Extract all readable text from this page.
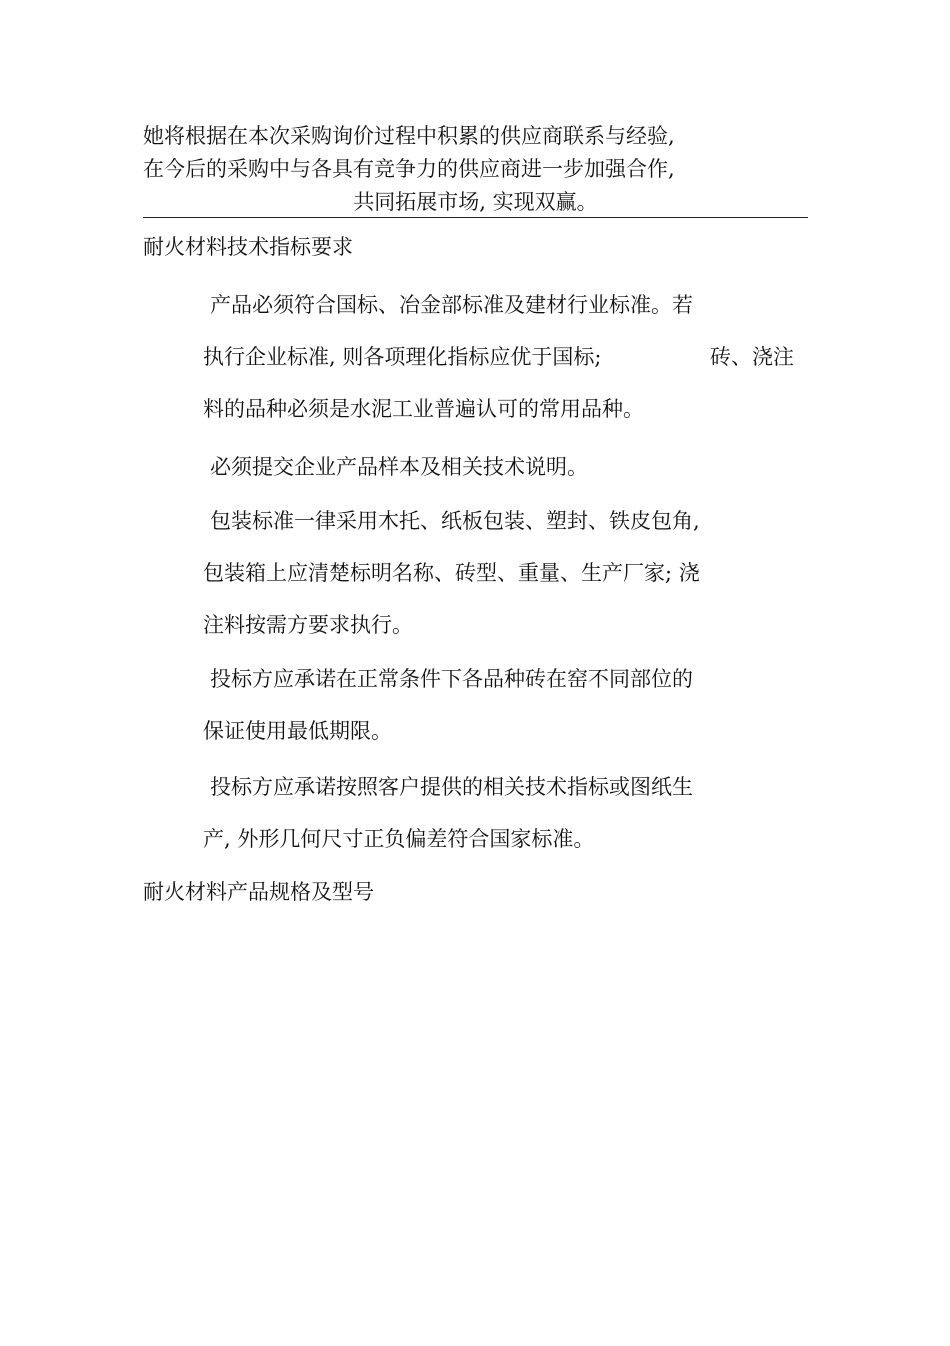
她将根据在本次采购询价过程中积累的供应商联系与经验,
在今后的采购中与各具有竞争力的供应商进一步加强合作,
共同拓展市场, 实现双赢。
耐火材料技术指标要求
产品必须符合国标、冶金部标准及建材行业标准。若
执行企业标准, 则各项理化指标应优于国标;	砖、浇注
料的品种必须是水泥工业普遍认可的常用品种。
必须提交企业产品样本及相关技术说明。
包装标准一律采用木托、纸板包装、塑封、铁皮包角,
包装箱上应清楚标明名称、砖型、重量、生产厂家; 浇
注料按需方要求执行。
投标方应承诺在正常条件下各品种砖在窑不同部位的
保证使用最低期限。
投标方应承诺按照客户提供的相关技术指标或图纸生
产, 外形几何尺寸正负偏差符合国家标准。
耐火材料产品规格及型号
